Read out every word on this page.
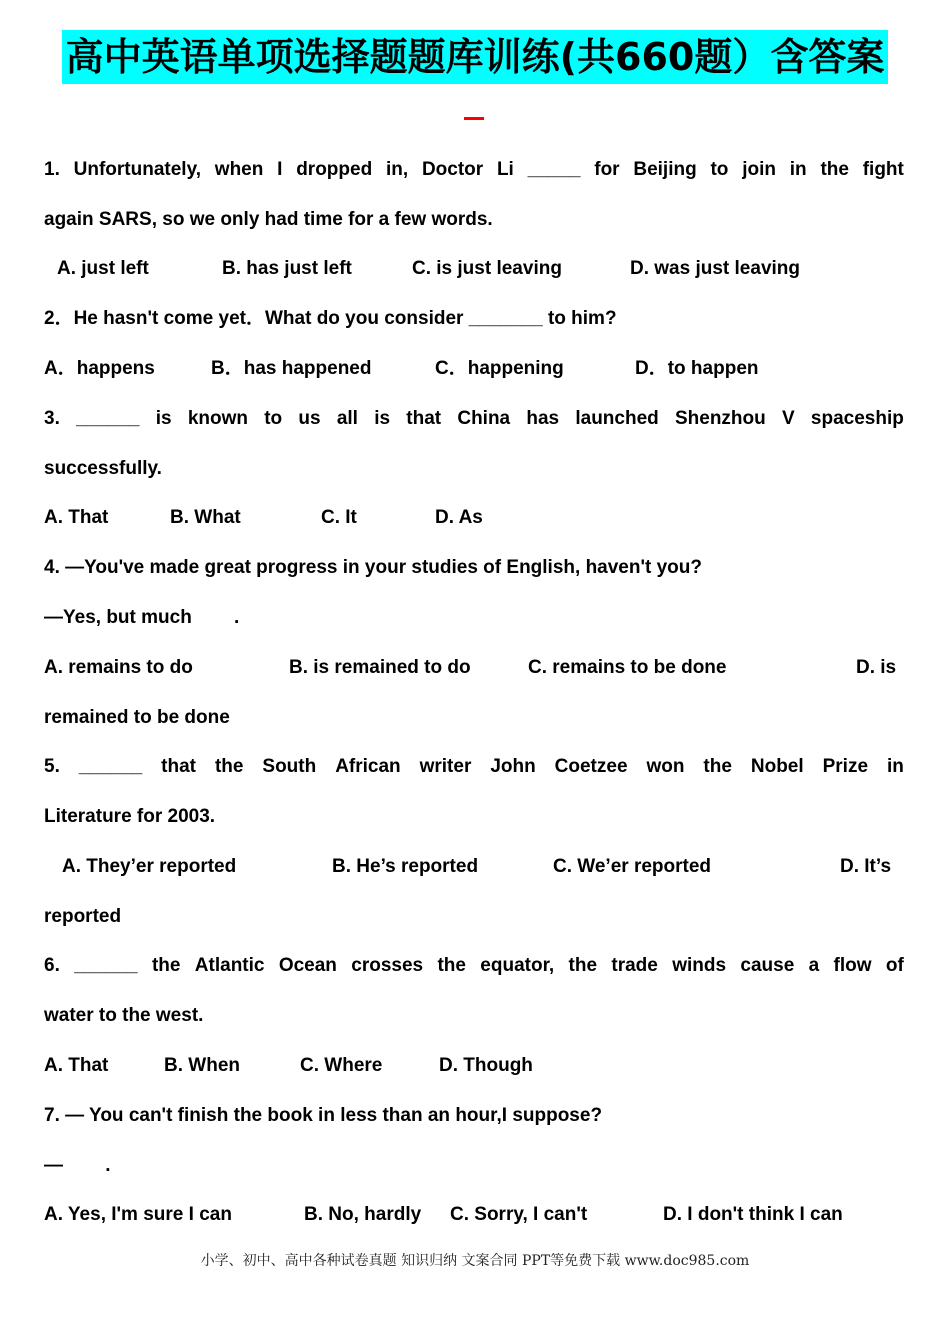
高中英语单项选择题题库训练(共660题）含答案
1. Unfortunately, when I dropped in, Doctor Li _____ for Beijing to join in the fight
again SARS, so we only had time for a few words.
A. just left	B. has just left	C. is just leaving	D. was just leaving
2．He hasn't come yet．What do you consider _______ to him?
A．happens	B．has happened	C．happening	D．to happen
3. ______ is known to us all is that China has launched Shenzhou V spaceship
successfully.
A. That	B. What	C. It	D. As
4. —You've made great progress in your studies of English, haven't you?
—Yes, but much        .
A. remains to do	B. is remained to do	C. remains to be done	D. is
remained to be done
5. ______ that the South African writer John Coetzee won the Nobel Prize in
Literature for 2003.
A. They’er reported	B. He’s reported	C. We’er reported	D. It’s
reported
6. ______ the Atlantic Ocean crosses the equator, the trade winds cause a flow of
water to the west.
A. That	B. When	C. Where	D. Though
7. — You can't finish the book in less than an hour,I suppose?
—        .
A. Yes, I'm sure I can	B. No, hardly C. Sorry, I can't	D. I don't think I can
小学、初中、高中各种试卷真题 知识归纳 文案合同 PPT等免费下载 www.doc985.com
